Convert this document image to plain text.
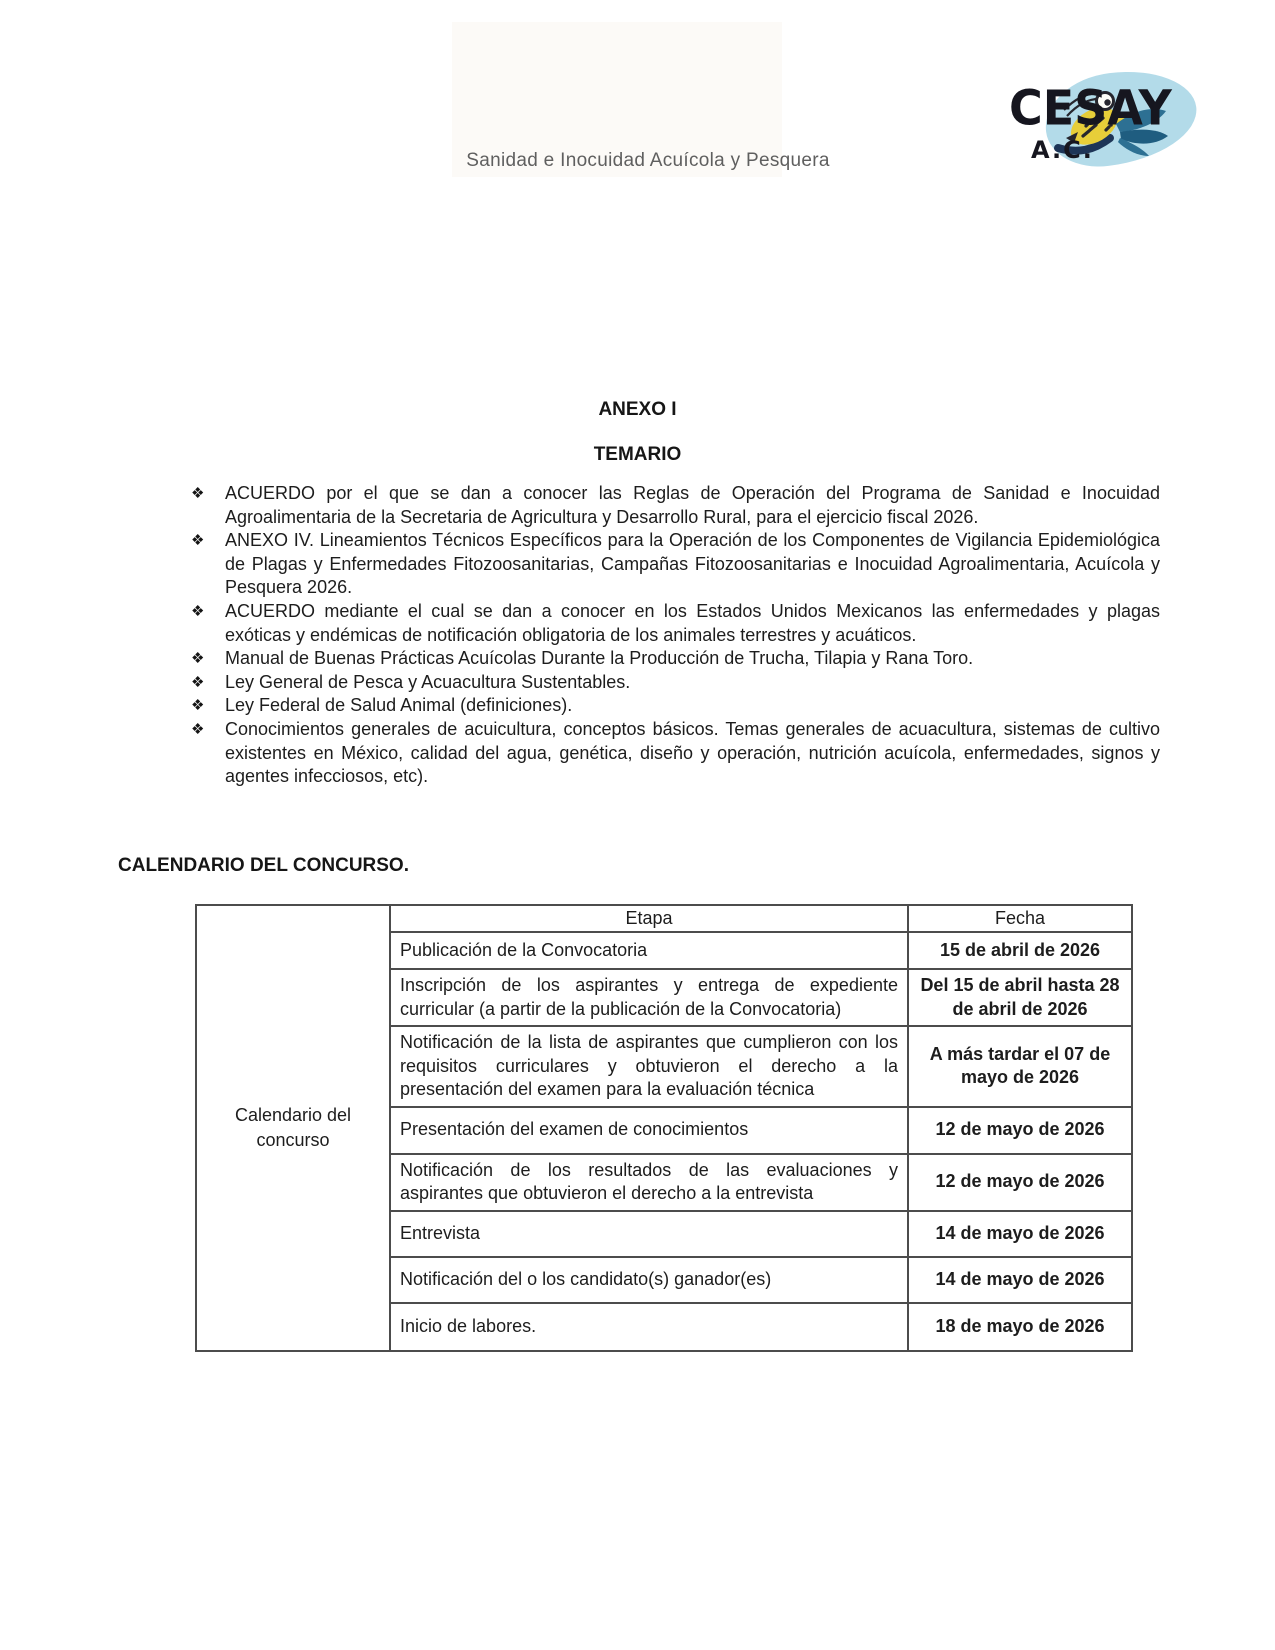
CESAY
A.C.
Sanidad e Inocuidad Acuícola y Pesquera
ANEXO I
TEMARIO
❖ ACUERDO por el que se dan a conocer las Reglas de Operación del Programa de Sanidad e Inocuidad Agroalimentaria de la Secretaria de Agricultura y Desarrollo Rural, para el ejercicio fiscal 2026.
❖ ANEXO IV. Lineamientos Técnicos Específicos para la Operación de los Componentes de Vigilancia Epidemiológica de Plagas y Enfermedades Fitozoosanitarias, Campañas Fitozoosanitarias e Inocuidad Agroalimentaria, Acuícola y Pesquera 2026.
❖ ACUERDO mediante el cual se dan a conocer en los Estados Unidos Mexicanos las enfermedades y plagas exóticas y endémicas de notificación obligatoria de los animales terrestres y acuáticos.
❖ Manual de Buenas Prácticas Acuícolas Durante la Producción de Trucha, Tilapia y Rana Toro.
❖ Ley General de Pesca y Acuacultura Sustentables.
❖ Ley Federal de Salud Animal (definiciones).
❖ Conocimientos generales de acuicultura, conceptos básicos. Temas generales de acuacultura, sistemas de cultivo existentes en México, calidad del agua, genética, diseño y operación, nutrición acuícola, enfermedades, signos y agentes infecciosos, etc).
CALENDARIO DEL CONCURSO.
Calendario del concurso	Etapa	Fecha
	Publicación de la Convocatoria	15 de abril de 2026
	Inscripción de los aspirantes y entrega de expediente curricular (a partir de la publicación de la Convocatoria)	Del 15 de abril hasta 28 de abril de 2026
	Notificación de la lista de aspirantes que cumplieron con los requisitos curriculares y obtuvieron el derecho a la presentación del examen para la evaluación técnica	A más tardar el 07 de mayo de 2026
	Presentación del examen de conocimientos	12 de mayo de 2026
	Notificación de los resultados de las evaluaciones y aspirantes que obtuvieron el derecho a la entrevista	12 de mayo de 2026
	Entrevista	14 de mayo de 2026
	Notificación del o los candidato(s) ganador(es)	14 de mayo de 2026
	Inicio de labores.	18 de mayo de 2026
